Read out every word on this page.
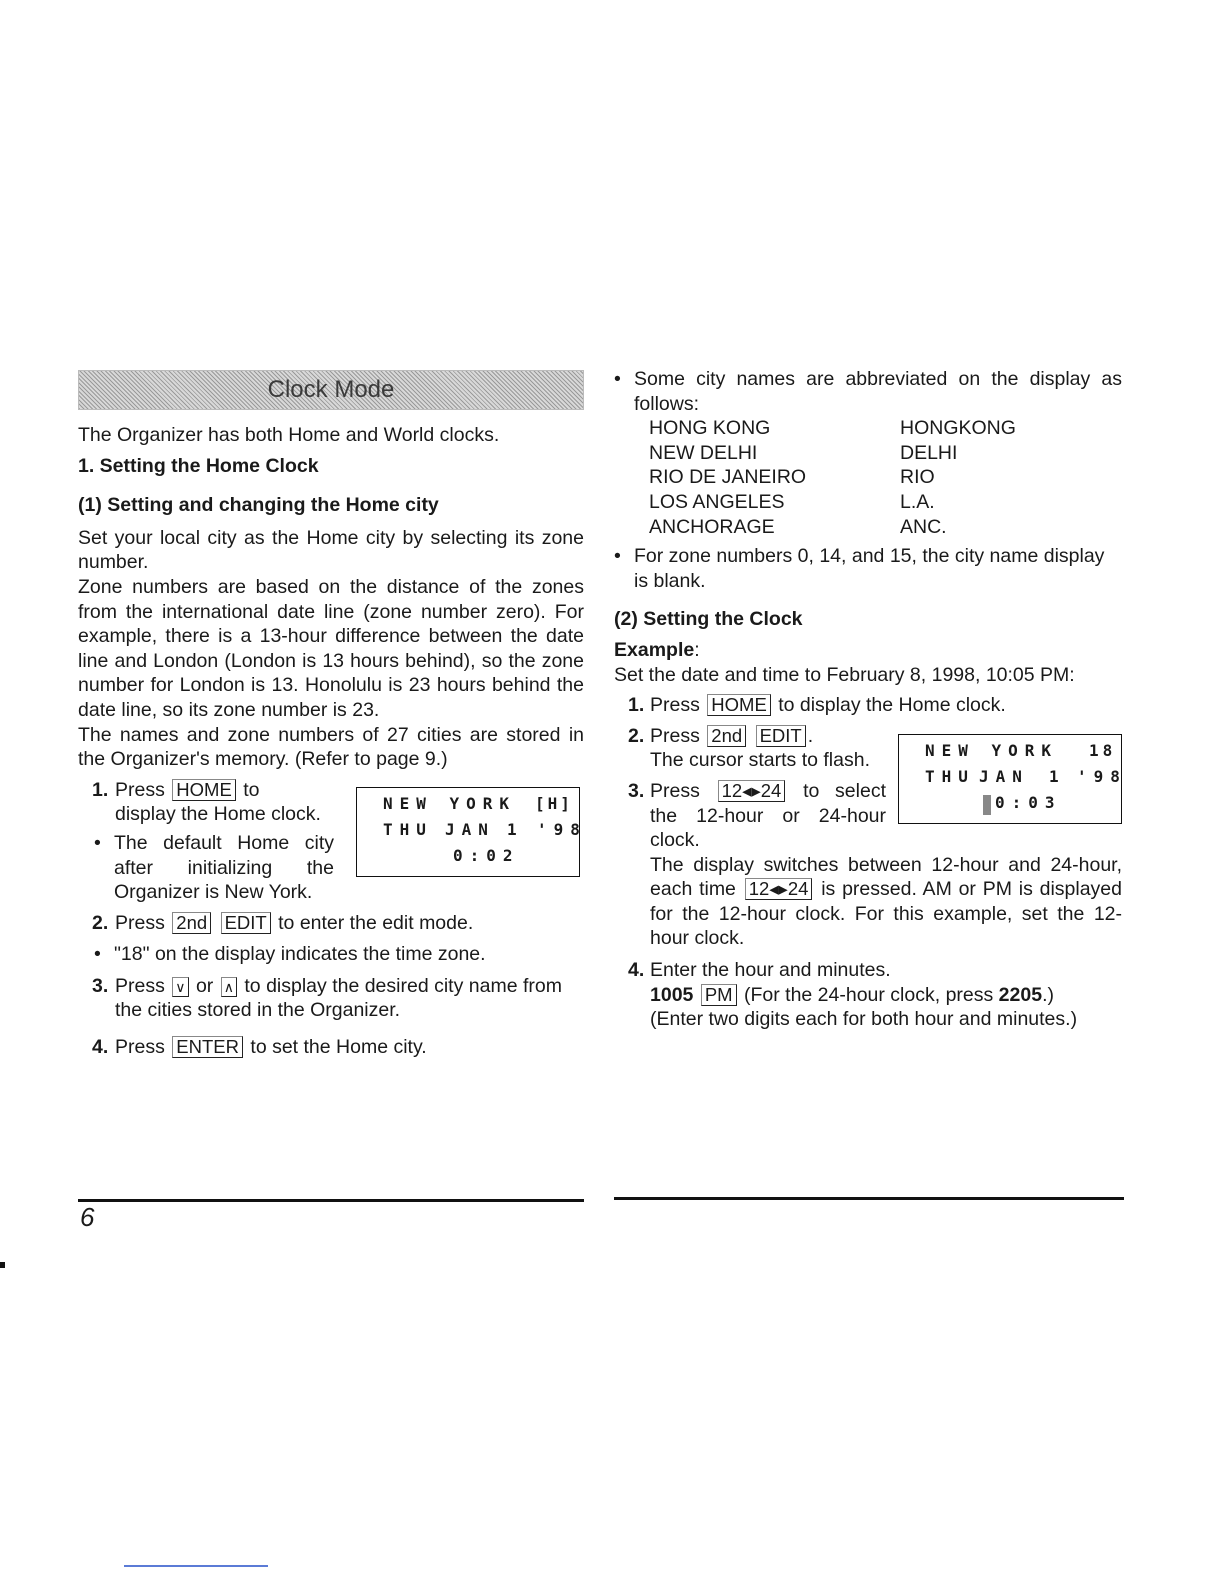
Clock Mode

The Organizer has both Home and World clocks.

1. Setting the Home Clock
(1) Setting and changing the Home city

Set your local city as the Home city by selecting its zone number.

Zone numbers are based on the distance of the zones from the international date line (zone number zero). For example, there is a 13-hour difference between the date line and London (London is 13 hours behind), so the zone number for London is 13. Honolulu is 23 hours behind the date line, so its zone number is 23.

The names and zone numbers of 27 cities are stored in the Organizer's memory. (Refer to page 9.)

1. Press HOME to display the Home clock.
• The default Home city after initializing the Organizer is New York.
2. Press 2nd EDIT to enter the edit mode.
• "18" on the display indicates the time zone.
3. Press ∨ or ∧ to display the desired city name from the cities stored in the Organizer.
4. Press ENTER to set the Home city.
NEW YORK [H]
THU JAN 1 '98
0:02
• Some city names are abbreviated on the display as follows:
HONG KONG	HONGKONG
NEW DELHI	DELHI
RIO DE JANEIRO	RIO
LOS ANGELES	L.A.
ANCHORAGE	ANC.
• For zone numbers 0, 14, and 15, the city name display is blank.
(2) Setting the Clock

Example:

Set the date and time to February 8, 1998, 10:05 PM:

1. Press HOME to display the Home clock.
2. Press 2nd EDIT .
The cursor starts to flash.
3. Press 12◂▸24 to select the 12-hour or 24-hour clock.
The display switches between 12-hour and 24-hour, each time 12◂▸24 is pressed. AM or PM is displayed for the 12-hour clock. For this example, set the 12-hour clock.
4. Enter the hour and minutes.
1005 PM (For the 24-hour clock, press 2205.)
(Enter two digits each for both hour and minutes.)
NEW YORK 18
THU JAN 1 '98
0:03
6
